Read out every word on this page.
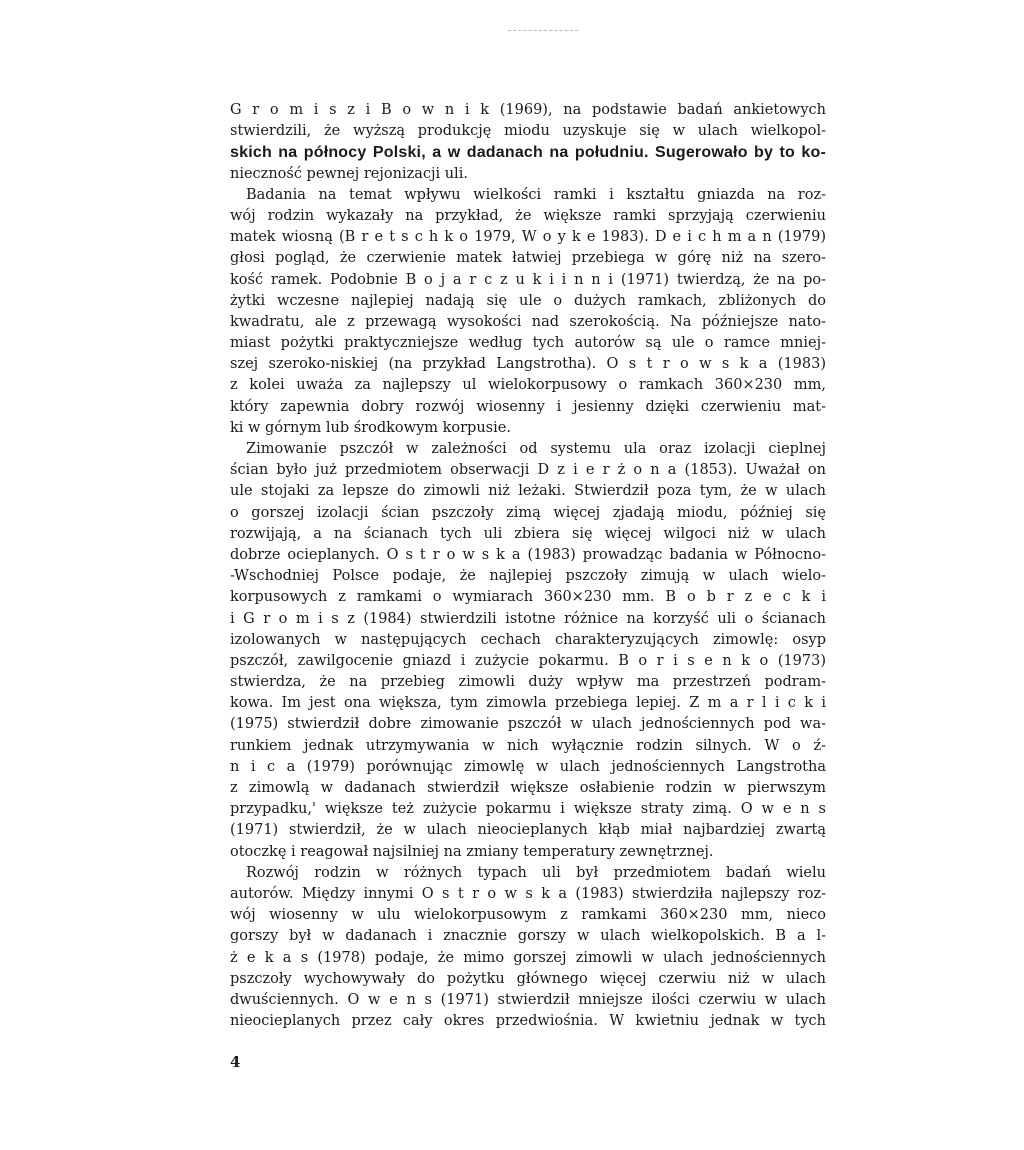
G r o m i s z i B o w n i k (1969), na podstawie badań ankietowych
stwierdzili, że wyższą produkcję miodu uzyskuje się w ulach wielkopol-
skich na północy Polski, a w dadanach na południu. Sugerowało by to ko-
nieczność pewnej rejonizacji uli.
Badania na temat wpływu wielkości ramki i kształtu gniazda na roz-
wój rodzin wykazały na przykład, że większe ramki sprzyjają czerwieniu
matek wiosną (B r e t s c h k o 1979, W o y k e 1983). D e i c h m a n (1979)
głosi pogląd, że czerwienie matek łatwiej przebiega w górę niż na szero-
kość ramek. Podobnie B o j a r c z u k i i n n i (1971) twierdzą, że na po-
żytki wczesne najlepiej nadają się ule o dużych ramkach, zbliżonych do
kwadratu, ale z przewagą wysokości nad szerokością. Na późniejsze nato-
miast pożytki praktyczniejsze według tych autorów są ule o ramce mniej-
szej szeroko-niskiej (na przykład Langstrotha). O s t r o w s k a (1983)
z kolei uważa za najlepszy ul wielokorpusowy o ramkach 360×230 mm,
który zapewnia dobry rozwój wiosenny i jesienny dzięki czerwieniu mat-
ki w górnym lub środkowym korpusie.
Zimowanie pszczół w zależności od systemu ula oraz izolacji cieplnej
ścian było już przedmiotem obserwacji D z i e r ż o n a (1853). Uważał on
ule stojaki za lepsze do zimowli niż leżaki. Stwierdził poza tym, że w ulach
o gorszej izolacji ścian pszczoły zimą więcej zjadają miodu, później się
rozwijają, a na ścianach tych uli zbiera się więcej wilgoci niż w ulach
dobrze ocieplanych. O s t r o w s k a (1983) prowadząc badania w Północno-
-Wschodniej Polsce podaje, że najlepiej pszczoły zimują w ulach wielo-
korpusowych z ramkami o wymiarach 360×230 mm. B o b r z e c k i
i G r o m i s z (1984) stwierdzili istotne różnice na korzyść uli o ścianach
izolowanych w następujących cechach charakteryzujących zimowlę: osyp
pszczół, zawilgocenie gniazd i zużycie pokarmu. B o r i s e n k o (1973)
stwierdza, że na przebieg zimowli duży wpływ ma przestrzeń podram-
kowa. Im jest ona większa, tym zimowla przebiega lepiej. Z m a r l i c k i
(1975) stwierdził dobre zimowanie pszczół w ulach jednościennych pod wa-
runkiem jednak utrzymywania w nich wyłącznie rodzin silnych. W o ź-
n i c a (1979) porównując zimowlę w ulach jednościennych Langstrotha
z zimowlą w dadanach stwierdził większe osłabienie rodzin w pierwszym
przypadku,' większe też zużycie pokarmu i większe straty zimą. O w e n s
(1971) stwierdził, że w ulach nieocieplanych kłąb miał najbardziej zwartą
otoczkę i reagował najsilniej na zmiany temperatury zewnętrznej.
Rozwój rodzin w różnych typach uli był przedmiotem badań wielu
autorów. Między innymi O s t r o w s k a (1983) stwierdziła najlepszy roz-
wój wiosenny w ulu wielokorpusowym z ramkami 360×230 mm, nieco
gorszy był w dadanach i znacznie gorszy w ulach wielkopolskich. B a l-
ż e k a s (1978) podaje, że mimo gorszej zimowli w ulach jednościennych
pszczoły wychowywały do pożytku głównego więcej czerwiu niż w ulach
dwuściennych. O w e n s (1971) stwierdził mniejsze ilości czerwiu w ulach
nieocieplanych przez cały okres przedwiośnia. W kwietniu jednak w tych
4
